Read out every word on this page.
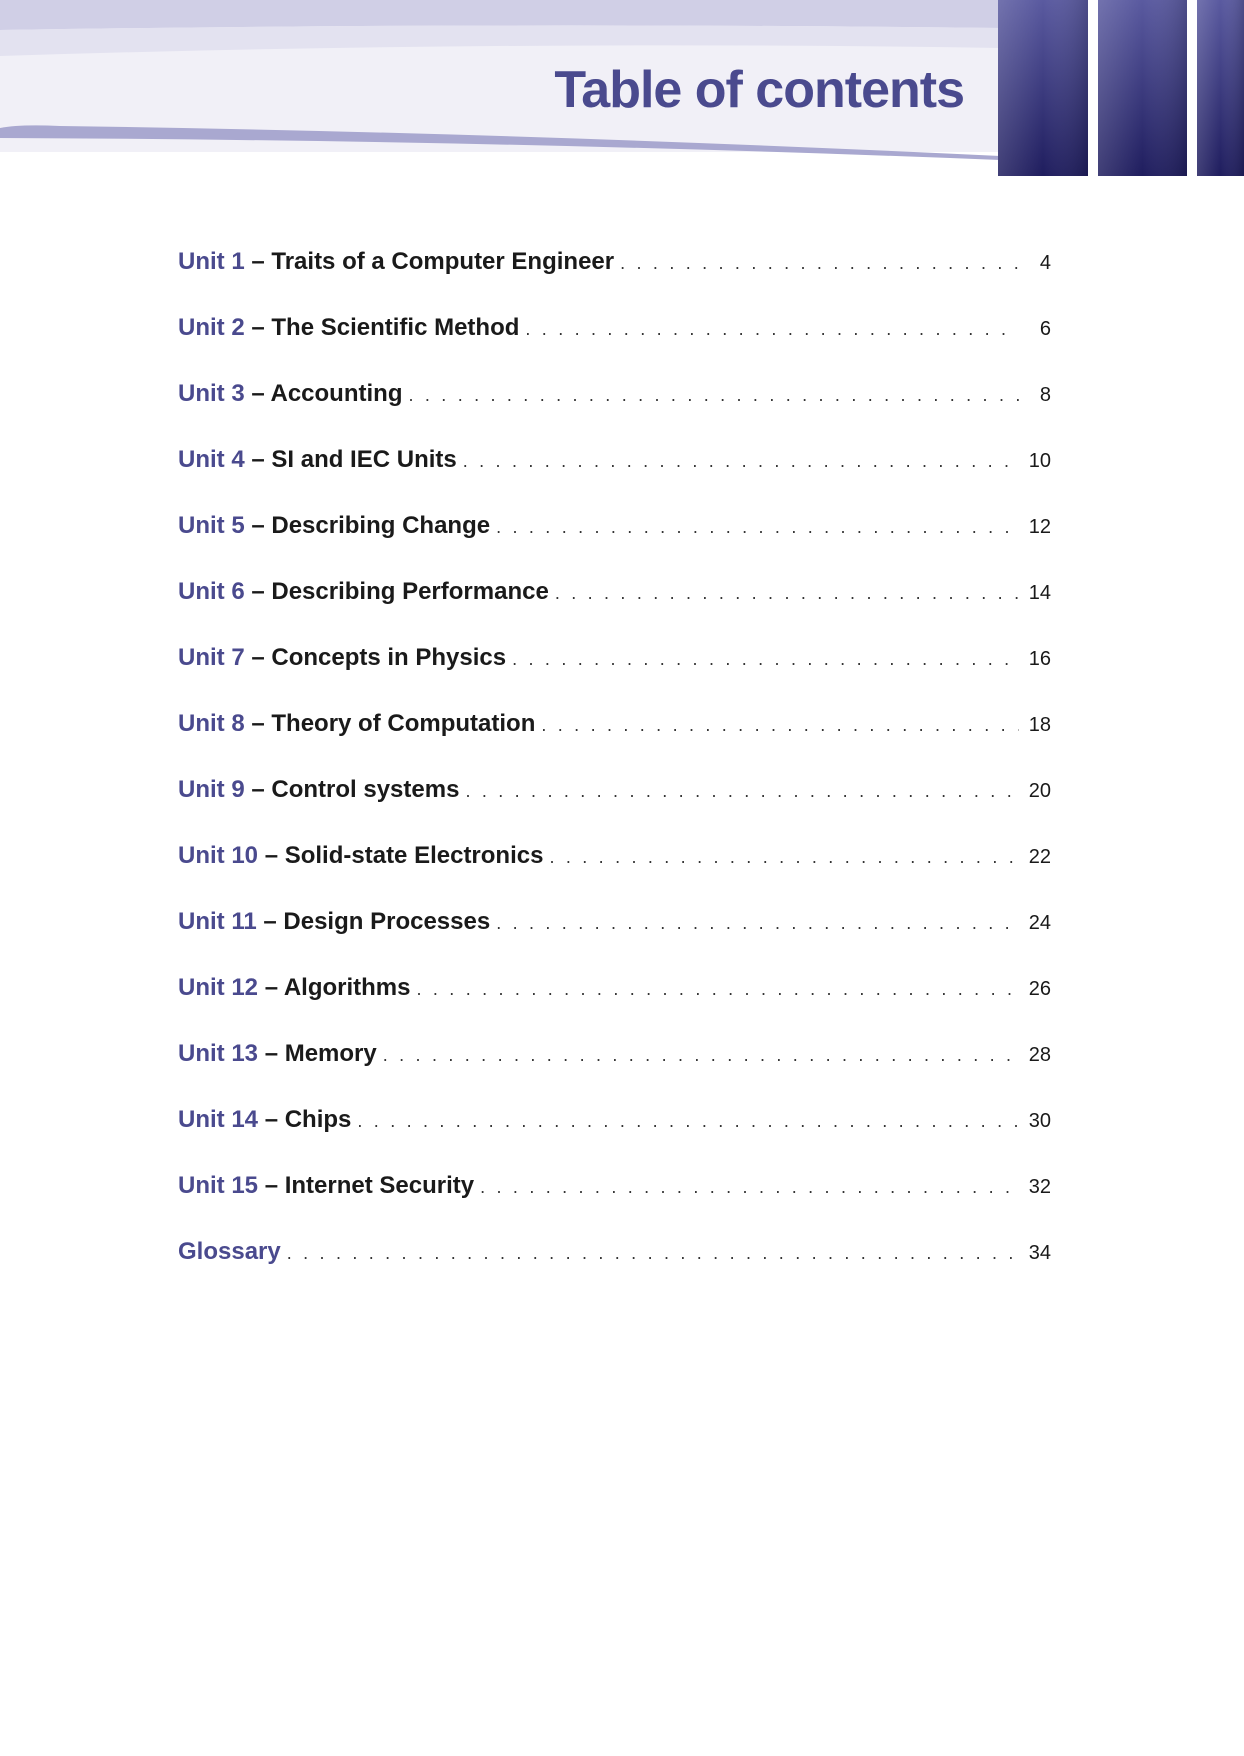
Table of contents
Unit 1 – Traits of a Computer Engineer . . .	4
Unit 2 – The Scientific Method . . .	6
Unit 3 – Accounting . . .	8
Unit 4 – SI and IEC Units . . .	10
Unit 5 – Describing Change . . .	12
Unit 6 – Describing Performance . . .	14
Unit 7 – Concepts in Physics . . .	16
Unit 8 – Theory of Computation . . .	18
Unit 9 – Control systems . . .	20
Unit 10 – Solid-state Electronics . . .	22
Unit 11 – Design Processes . . .	24
Unit 12 – Algorithms . . .	26
Unit 13 – Memory . . .	28
Unit 14 – Chips . . .	30
Unit 15 – Internet Security . . .	32
Glossary . . .	34
